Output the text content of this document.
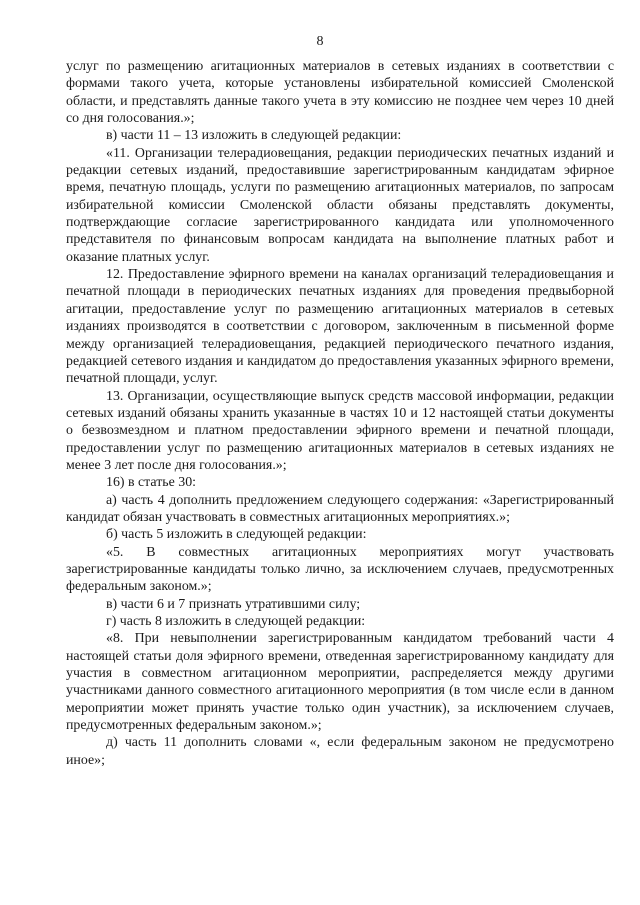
8

услуг по размещению агитационных материалов в сетевых изданиях в соответствии с формами такого учета, которые установлены избирательной комиссией Смоленской области, и представлять данные такого учета в эту комиссию не позднее чем через 10 дней со дня голосования.»;

в) части 11 – 13 изложить в следующей редакции:

«11. Организации телерадиовещания, редакции периодических печатных изданий и редакции сетевых изданий, предоставившие зарегистрированным кандидатам эфирное время, печатную площадь, услуги по размещению агитационных материалов, по запросам избирательной комиссии Смоленской области обязаны представлять документы, подтверждающие согласие зарегистрированного кандидата или уполномоченного представителя по финансовым вопросам кандидата на выполнение платных работ и оказание платных услуг.

12. Предоставление эфирного времени на каналах организаций телерадиовещания и печатной площади в периодических печатных изданиях для проведения предвыборной агитации, предоставление услуг по размещению агитационных материалов в сетевых изданиях производятся в соответствии с договором, заключенным в письменной форме между организацией телерадиовещания, редакцией периодического печатного издания, редакцией сетевого издания и кандидатом до предоставления указанных эфирного времени, печатной площади, услуг.

13. Организации, осуществляющие выпуск средств массовой информации, редакции сетевых изданий обязаны хранить указанные в частях 10 и 12 настоящей статьи документы о безвозмездном и платном предоставлении эфирного времени и печатной площади, предоставлении услуг по размещению агитационных материалов в сетевых изданиях не менее 3 лет после дня голосования.»;

16) в статье 30:

а) часть 4 дополнить предложением следующего содержания: «Зарегистрированный кандидат обязан участвовать в совместных агитационных мероприятиях.»;

б) часть 5 изложить в следующей редакции:

«5. В совместных агитационных мероприятиях могут участвовать зарегистрированные кандидаты только лично, за исключением случаев, предусмотренных федеральным законом.»;

в) части 6 и 7 признать утратившими силу;

г) часть 8 изложить в следующей редакции:

«8. При невыполнении зарегистрированным кандидатом требований части 4 настоящей статьи доля эфирного времени, отведенная зарегистрированному кандидату для участия в совместном агитационном мероприятии, распределяется между другими участниками данного совместного агитационного мероприятия (в том числе если в данном мероприятии может принять участие только один участник), за исключением случаев, предусмотренных федеральным законом.»;

д) часть 11 дополнить словами «, если федеральным законом не предусмотрено иное»;
